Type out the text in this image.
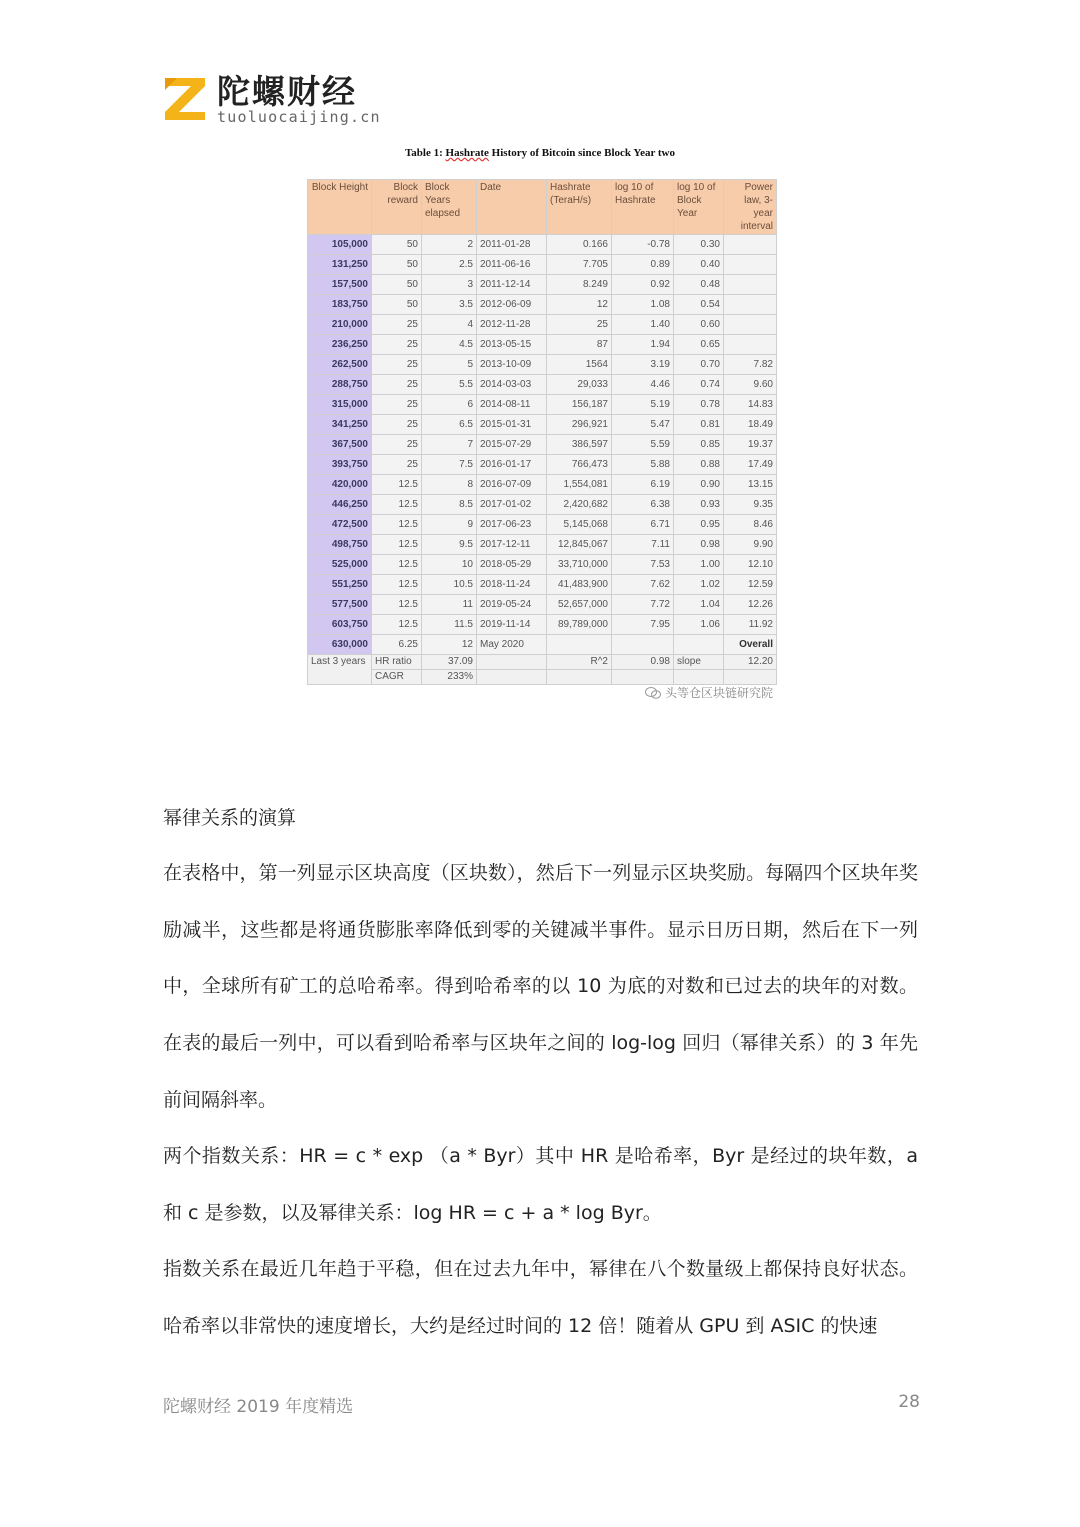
陀螺财经
tuoluocaijing.cn
Table 1: Hashrate History of Bitcoin since Block Year two
Block Height	Block reward	Block Years elapsed	Date	Hashrate (TeraH/s)	log 10 of Hashrate	log 10 of Block Year	Power law, 3-year interval
105,000	50	2	2011-01-28	0.166	-0.78	0.30	
131,250	50	2.5	2011-06-16	7.705	0.89	0.40	
157,500	50	3	2011-12-14	8.249	0.92	0.48	
183,750	50	3.5	2012-06-09	12	1.08	0.54	
210,000	25	4	2012-11-28	25	1.40	0.60	
236,250	25	4.5	2013-05-15	87	1.94	0.65	
262,500	25	5	2013-10-09	1564	3.19	0.70	7.82
288,750	25	5.5	2014-03-03	29,033	4.46	0.74	9.60
315,000	25	6	2014-08-11	156,187	5.19	0.78	14.83
341,250	25	6.5	2015-01-31	296,921	5.47	0.81	18.49
367,500	25	7	2015-07-29	386,597	5.59	0.85	19.37
393,750	25	7.5	2016-01-17	766,473	5.88	0.88	17.49
420,000	12.5	8	2016-07-09	1,554,081	6.19	0.90	13.15
446,250	12.5	8.5	2017-01-02	2,420,682	6.38	0.93	9.35
472,500	12.5	9	2017-06-23	5,145,068	6.71	0.95	8.46
498,750	12.5	9.5	2017-12-11	12,845,067	7.11	0.98	9.90
525,000	12.5	10	2018-05-29	33,710,000	7.53	1.00	12.10
551,250	12.5	10.5	2018-11-24	41,483,900	7.62	1.02	12.59
577,500	12.5	11	2019-05-24	52,657,000	7.72	1.04	12.26
603,750	12.5	11.5	2019-11-14	89,789,000	7.95	1.06	11.92
630,000	6.25	12	May 2020				Overall
Last 3 years	HR ratio	37.09		R^2	0.98	slope	12.20
	CAGR	233%					
头等仓区块链研究院
幂律关系的演算
在表格中，第一列显示区块高度（区块数），然后下一列显示区块奖励。每隔四个区块年奖励减半，这些都是将通货膨胀率降低到零的关键减半事件。显示日历日期，然后在下一列中，全球所有矿工的总哈希率。得到哈希率的以 10 为底的对数和已过去的块年的对数。在表的最后一列中，可以看到哈希率与区块年之间的 log-log 回归（幂律关系）的 3 年先前间隔斜率。
两个指数关系：HR = c * exp （a * Byr）其中 HR 是哈希率，Byr 是经过的块年数，a 和 c 是参数，以及幂律关系：log HR = c + a * log Byr。
指数关系在最近几年趋于平稳，但在过去九年中，幂律在八个数量级上都保持良好状态。哈希率以非常快的速度增长，大约是经过时间的 12 倍！随着从 GPU 到 ASIC 的快速
陀螺财经 2019 年度精选	28
